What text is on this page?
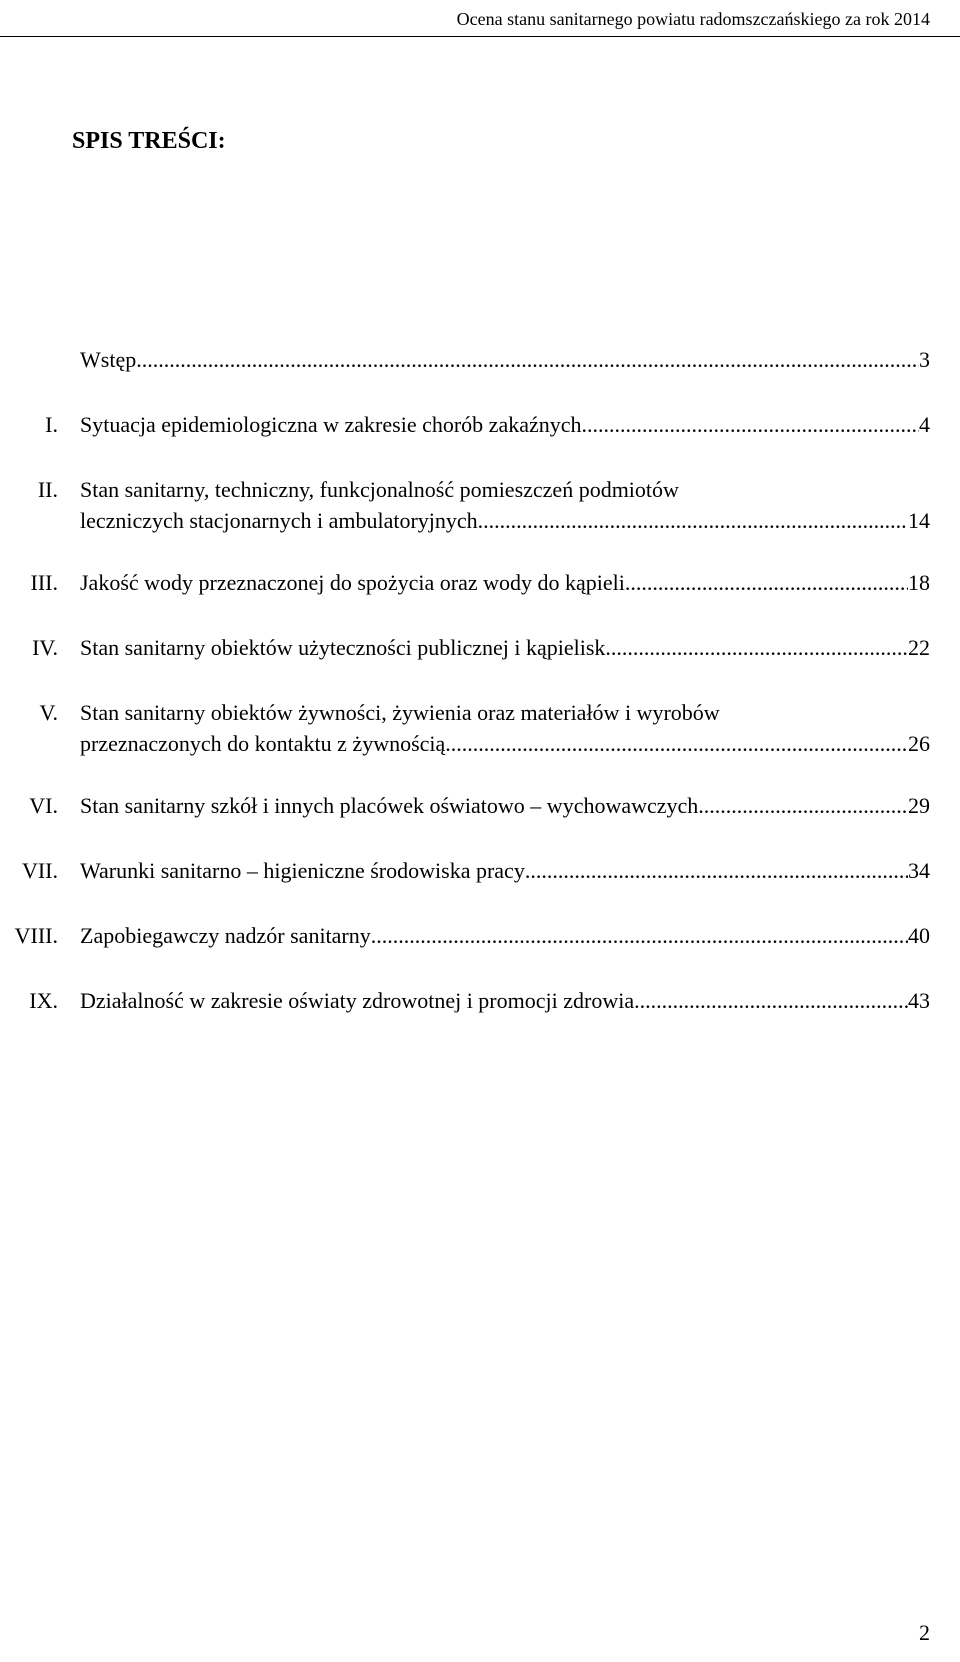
Ocena stanu sanitarnego powiatu radomszczańskiego za rok 2014
SPIS TREŚCI:
Wstęp .....	3
I. Sytuacja epidemiologiczna w zakresie chorób zakaźnych .....	4
II. Stan sanitarny, techniczny, funkcjonalność pomieszczeń podmiotów
leczniczych stacjonarnych i ambulatoryjnych .....	14
III. Jakość wody przeznaczonej do spożycia oraz wody do kąpieli .....	18
IV. Stan sanitarny obiektów użyteczności publicznej i kąpielisk .....	22
V. Stan sanitarny obiektów żywności, żywienia oraz materiałów i wyrobów
przeznaczonych do kontaktu z żywnością .....	26
VI. Stan sanitarny szkół i innych placówek oświatowo – wychowawczych .....	29
VII. Warunki sanitarno – higieniczne środowiska pracy .....	34
VIII. Zapobiegawczy nadzór sanitarny .....	40
IX. Działalność w zakresie oświaty zdrowotnej i promocji zdrowia .....	43
2
